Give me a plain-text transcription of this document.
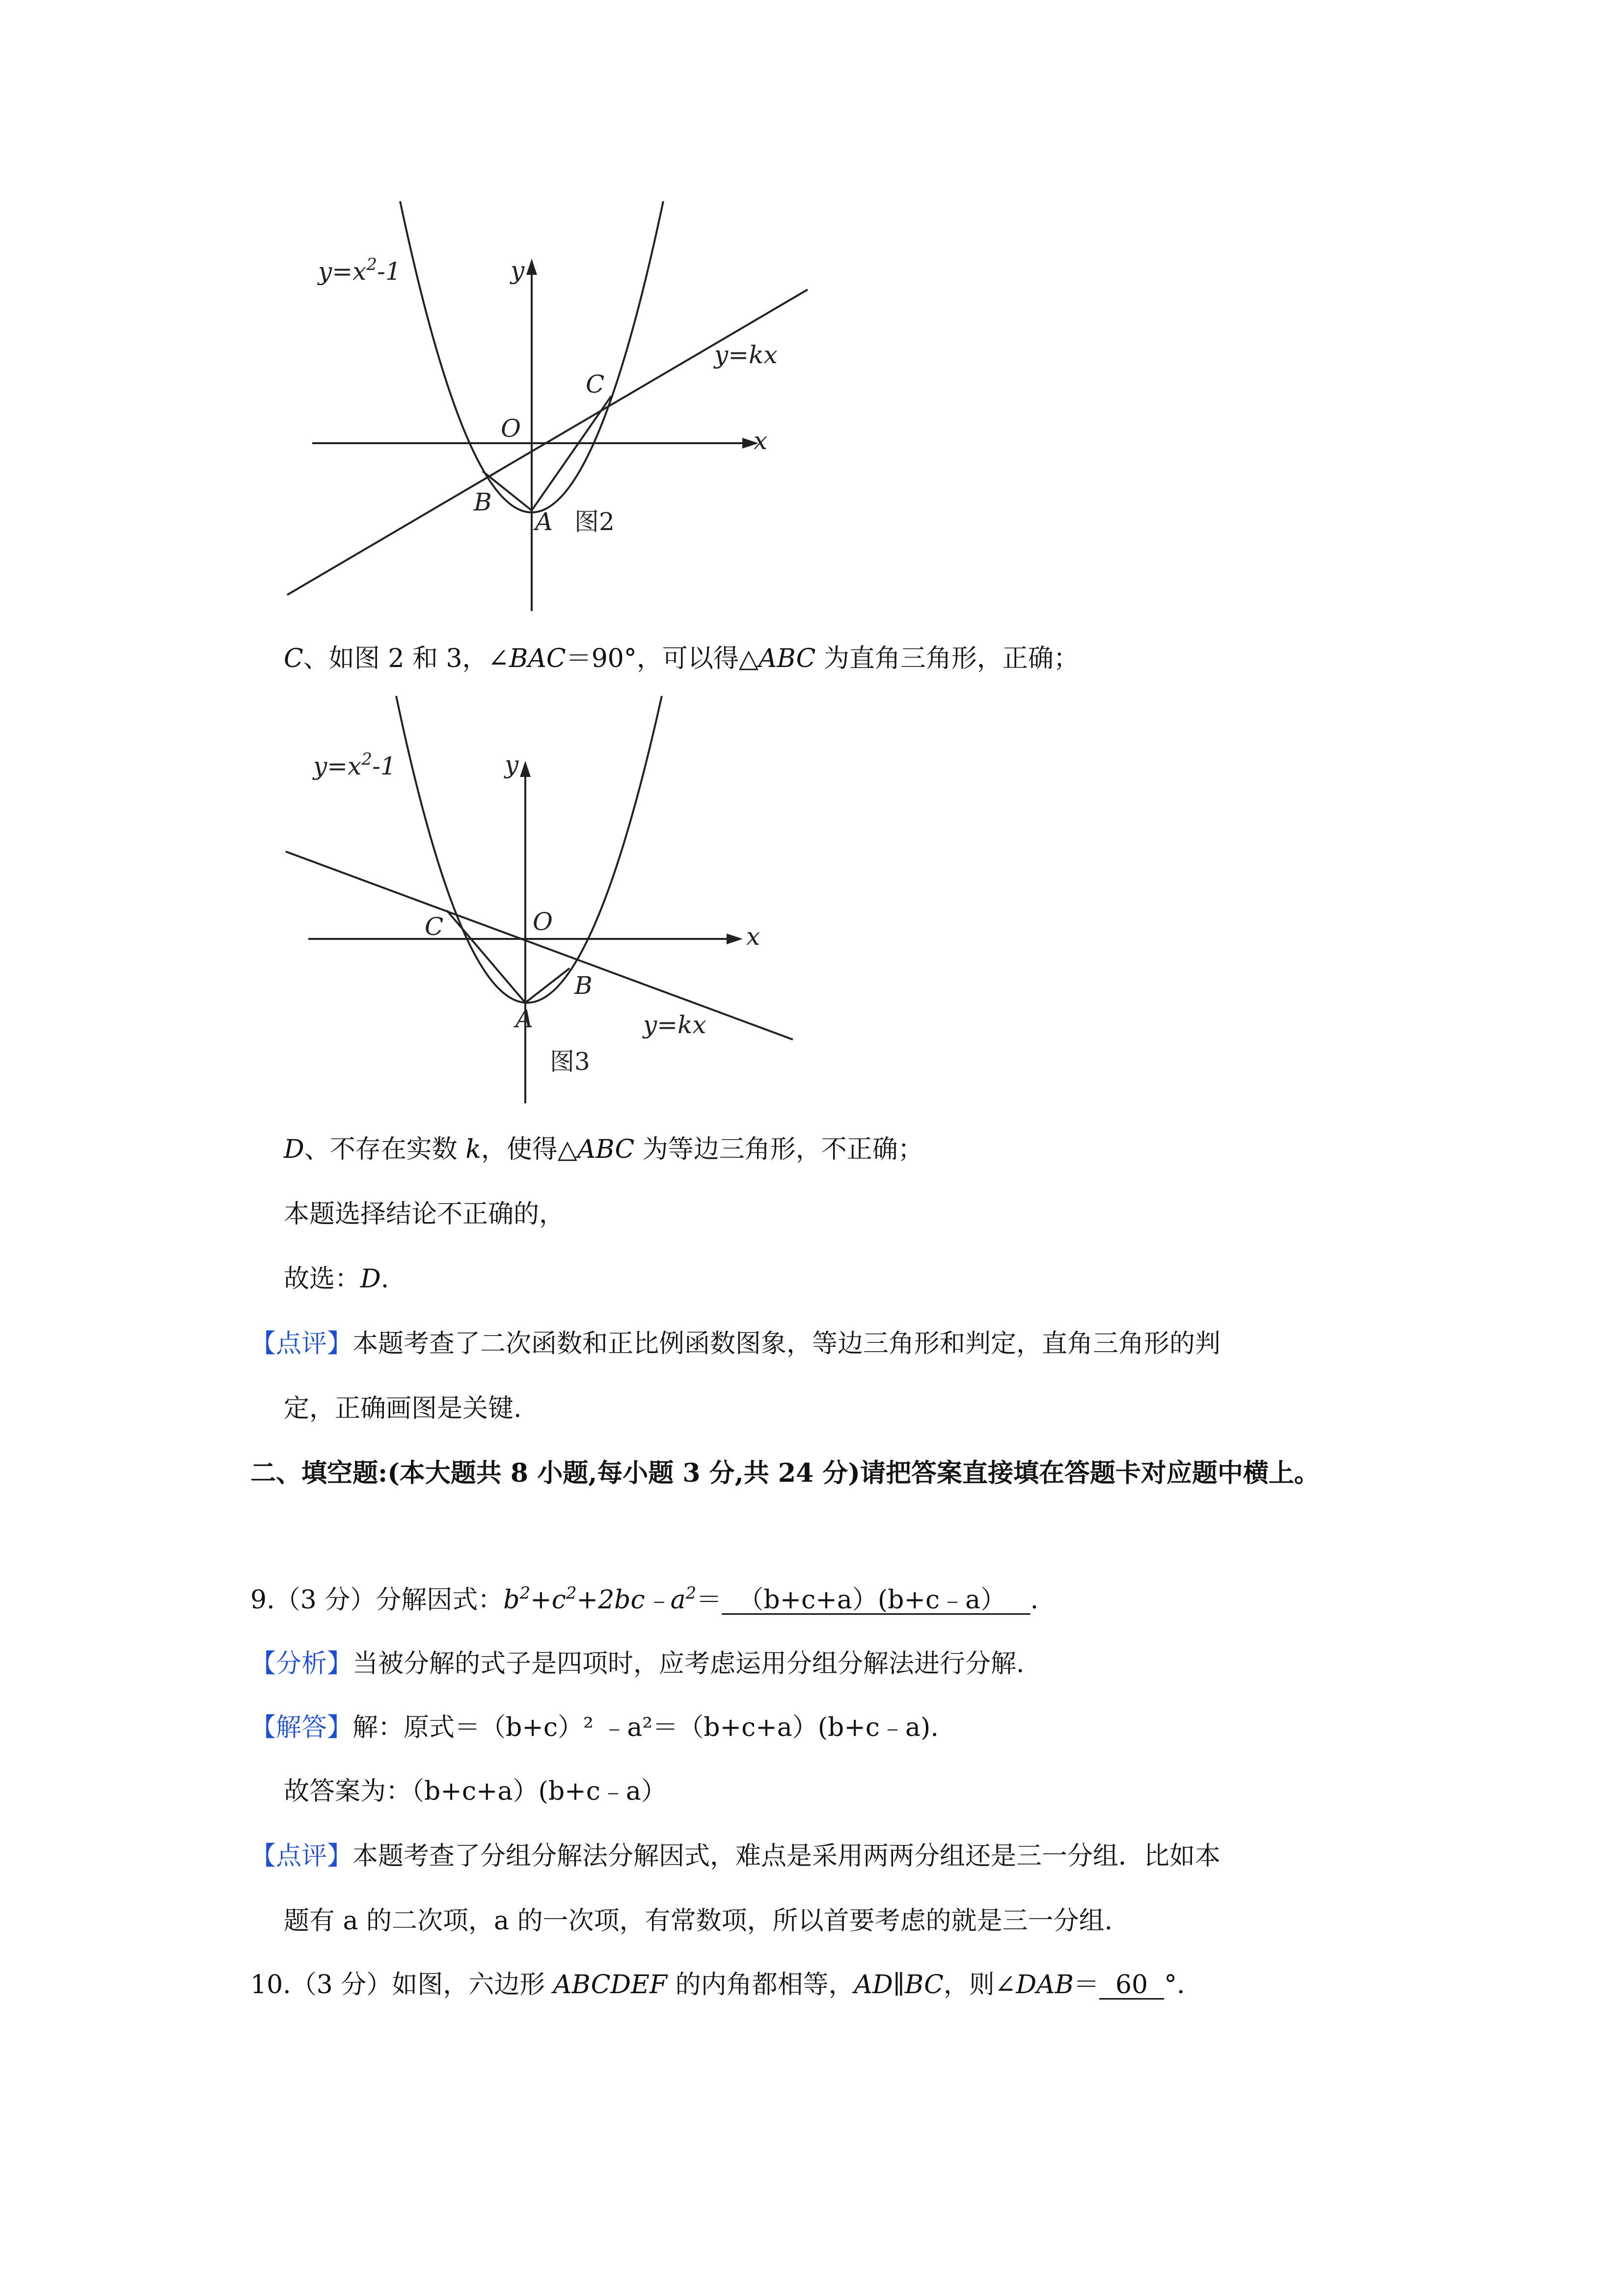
$y=x^2-1$
y=kx
x
y
O
C
B
A 图2
C、如图 2 和 3，∠BAC＝90°，可以得△ABC 为直角三角形，正确；
$y=x^2-1$
y=kx
x
y
O
C
B
A
图3
D、不存在实数 k，使得△ABC 为等边三角形，不正确；
本题选择结论不正确的，
故选：D.
【点评】本题考查了二次函数和正比例函数图象，等边三角形和判定，直角三角形的判
定，正确画图是关键.
二、填空题:(本大题共 8 小题,每小题 3 分,共 24 分)请把答案直接填在答题卡对应题中横上。
9.（3 分）分解因式：$b^2+c^2+2bc﹣a^2=$ （b+c+a）(b+c﹣a） .
【分析】当被分解的式子是四项时，应考虑运用分组分解法进行分解.
【解答】解：原式＝（b+c）² ﹣a²＝（b+c+a）(b+c﹣a).
故答案为：（b+c+a）(b+c﹣a）
【点评】本题考查了分组分解法分解因式，难点是采用两两分组还是三一分组．比如本
题有 a 的二次项，a 的一次项，有常数项，所以首要考虑的就是三一分组.
10.（3 分）如图，六边形 ABCDEF 的内角都相等，AD∥BC，则∠DAB＝ 60 °．
